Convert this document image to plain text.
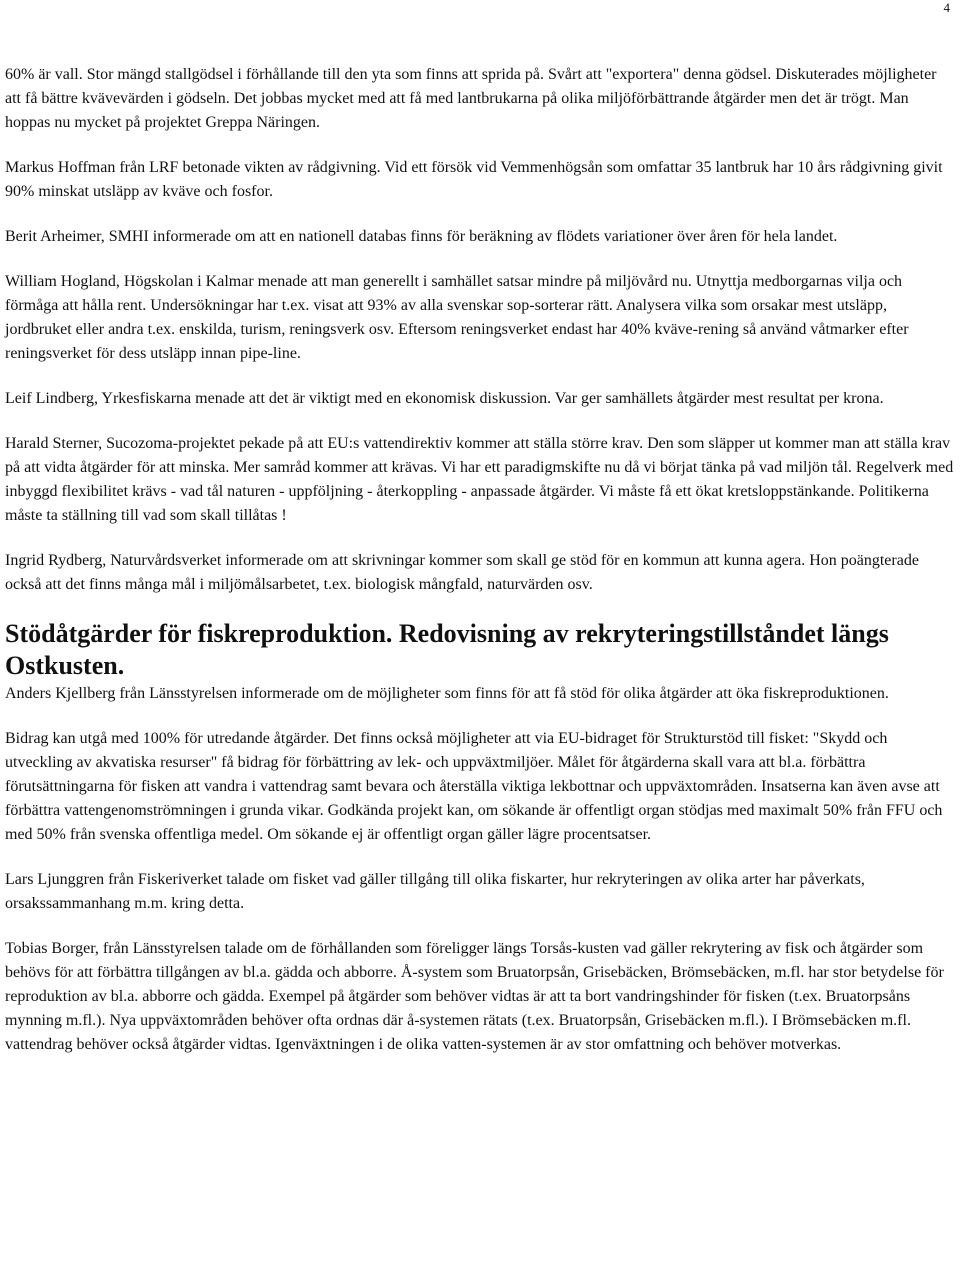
4

60% är vall. Stor mängd stallgödsel i förhållande till den yta som finns att sprida på. Svårt att "exportera" denna gödsel. Diskuterades möjligheter att få bättre kvävevärden i gödseln. Det jobbas mycket med att få med lantbrukarna på olika miljöförbättrande åtgärder men det är trögt. Man hoppas nu mycket på projektet Greppa Näringen.

Markus Hoffman från LRF betonade vikten av rådgivning. Vid ett försök vid Vemmenhögsån som omfattar 35 lantbruk har 10 års rådgivning givit 90% minskat utsläpp av kväve och fosfor.

Berit Arheimer, SMHI informerade om att en nationell databas finns för beräkning av flödets variationer över åren för hela landet.

William Hogland, Högskolan i Kalmar menade att man generellt i samhället satsar mindre på miljövård nu. Utnyttja medborgarnas vilja och förmåga att hålla rent. Undersökningar har t.ex. visat att 93% av alla svenskar sop-sorterar rätt. Analysera vilka som orsakar mest utsläpp, jordbruket eller andra t.ex. enskilda, turism, reningsverk osv. Eftersom reningsverket endast har 40% kväve-rening så använd våtmarker efter reningsverket för dess utsläpp innan pipe-line.

Leif Lindberg, Yrkesfiskarna menade att det är viktigt med en ekonomisk diskussion. Var ger samhällets åtgärder mest resultat per krona.

Harald Sterner, Sucozoma-projektet pekade på att EU:s vattendirektiv kommer att ställa större krav. Den som släpper ut kommer man att ställa krav på att vidta åtgärder för att minska. Mer samråd kommer att krävas. Vi har ett paradigmskifte nu då vi börjat tänka på vad miljön tål. Regelverk med inbyggd flexibilitet krävs - vad tål naturen - uppföljning - återkoppling - anpassade åtgärder. Vi måste få ett ökat kretsloppstänkande. Politikerna måste ta ställning till vad som skall tillåtas !

Ingrid Rydberg, Naturvårdsverket informerade om att skrivningar kommer som skall ge stöd för en kommun att kunna agera. Hon poängterade också att det finns många mål i miljömålsarbetet, t.ex. biologisk mångfald, naturvärden osv.

Stödåtgärder för fiskreproduktion. Redovisning av rekryteringstillståndet längs Ostkusten.

Anders Kjellberg från Länsstyrelsen informerade om de möjligheter som finns för att få stöd för olika åtgärder att öka fiskreproduktionen.

Bidrag kan utgå med 100% för utredande åtgärder. Det finns också möjligheter att via EU-bidraget för Strukturstöd till fisket: "Skydd och utveckling av akvatiska resurser" få bidrag för förbättring av lek- och uppväxtmiljöer. Målet för åtgärderna skall vara att bl.a. förbättra förutsättningarna för fisken att vandra i vattendrag samt bevara och återställa viktiga lekbottnar och uppväxtområden. Insatserna kan även avse att förbättra vattengenomströmningen i grunda vikar. Godkända projekt kan, om sökande är offentligt organ stödjas med maximalt 50% från FFU och med 50% från svenska offentliga medel. Om sökande ej är offentligt organ gäller lägre procentsatser.

Lars Ljunggren från Fiskeriverket talade om fisket vad gäller tillgång till olika fiskarter, hur rekryteringen av olika arter har påverkats, orsakssammanhang m.m. kring detta.

Tobias Borger, från Länsstyrelsen talade om de förhållanden som föreligger längs Torsås-kusten vad gäller rekrytering av fisk och åtgärder som behövs för att förbättra tillgången av bl.a. gädda och abborre. Å-system som Bruatorpsån, Grisebäcken, Brömsebäcken, m.fl. har stor betydelse för reproduktion av bl.a. abborre och gädda. Exempel på åtgärder som behöver vidtas är att ta bort vandringshinder för fisken (t.ex. Bruatorpsåns mynning m.fl.). Nya uppväxtområden behöver ofta ordnas där å-systemen rätats (t.ex. Bruatorpsån, Grisebäcken m.fl.). I Brömsebäcken m.fl. vattendrag behöver också åtgärder vidtas. Igenväxtningen i de olika vatten-systemen är av stor omfattning och behöver motverkas.
